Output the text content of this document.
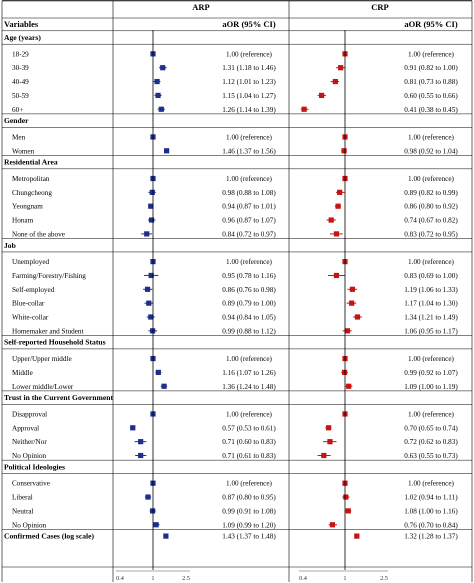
ARP	CRP
Variables	aOR (95% CI)	aOR (95% CI)
Age (years)
18-29	1.00 (reference)	1.00 (reference)
30-39	1.31 (1.18 to 1.46)	0.91 (0.82 to 1.00)
40-49	1.12 (1.01 to 1.23)	0.81 (0.73 to 0.88)
50-59	1.15 (1.04 to 1.27)	0.60 (0.55 to 0.66)
60+	1.26 (1.14 to 1.39)	0.41 (0.38 to 0.45)
Gender
Men	1.00 (reference)	1.00 (reference)
Women	1.46 (1.37 to 1.56)	0.98 (0.92 to 1.04)
Residential Area
Metropolitan	1.00 (reference)	1.00 (reference)
Chungcheong	0.98 (0.88 to 1.08)	0.89 (0.82 to 0.99)
Yeongnam	0.94 (0.87 to 1.01)	0.86 (0.80 to 0.92)
Honam	0.96 (0.87 to 1.07)	0.74 (0.67 to 0.82)
None of the above	0.84 (0.72 to 0.97)	0.83 (0.72 to 0.95)
Job
Unemployed	1.00 (reference)	1.00 (reference)
Farming/Forestry/Fishing	0.95 (0.78 to 1.16)	0.83 (0.69 to 1.00)
Self-employed	0.86 (0.76 to 0.98)	1.19 (1.06 to 1.33)
Blue-collar	0.89 (0.79 to 1.00)	1.17 (1.04 to 1.30)
White-collar	0.94 (0.84 to 1.05)	1.34 (1.21 to 1.49)
Homemaker and Student	0.99 (0.88 to 1.12)	1.06 (0.95 to 1.17)
Self-reported Household Status
Upper/Upper middle	1.00 (reference)	1.00 (reference)
Middle	1.16 (1.07 to 1.26)	0.99 (0.92 to 1.07)
Lower middle/Lower	1.36 (1.24 to 1.48)	1.09 (1.00 to 1.19)
Trust in the Current Government
Disapproval	1.00 (reference)	1.00 (reference)
Approval	0.57 (0.53 to 0.61)	0.70 (0.65 to 0.74)
Neither/Nor	0.71 (0.60 to 0.83)	0.72 (0.62 to 0.83)
No Opinion	0.71 (0.61 to 0.83)	0.63 (0.55 to 0.73)
Political Ideologies
Conservative	1.00 (reference)	1.00 (reference)
Liberal	0.87 (0.80 to 0.95)	1.02 (0.94 to 1.11)
Neutral	0.99 (0.91 to 1.08)	1.08 (1.00 to 1.16)
No Opinion	1.09 (0.99 to 1.20)	0.76 (0.70 to 0.84)
Confirmed Cases (log scale)	1.43 (1.37 to 1.48)	1.32 (1.28 to 1.37)
0.4	1	2.5	0.4	1	2.5
